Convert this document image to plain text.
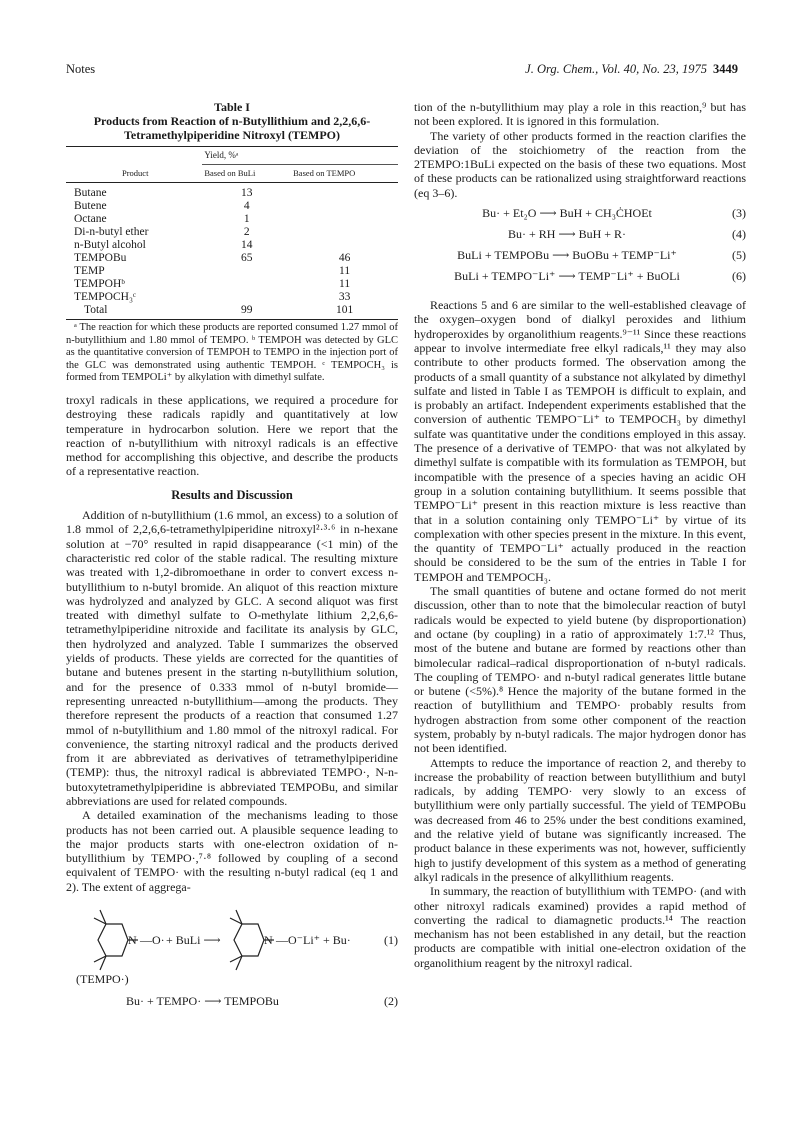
Notes	J. Org. Chem., Vol. 40, No. 23, 1975 3449
Table I
Products from Reaction of n-Butyllithium and 2,2,6,6-Tetramethylpiperidine Nitroxyl (TEMPO)
Product	Yield, %ᵃ	
	Based on BuLi	Based on TEMPO

Butane	13	
Butene	4	
Octane	1	
Di-n-butyl ether	2	
n-Butyl alcohol	14	
TEMPOBu	65	46
TEMP		11
TEMPOHᵇ		11
TEMPOCH₃ᶜ		33
Total	99	101

ᵃ The reaction for which these products are reported consumed 1.27 mmol of n-butyllithium and 1.80 mmol of TEMPO. ᵇ TEMPOH was detected by GLC as the quantitative conversion of TEMPOH to TEMPO in the injection port of the GLC was demonstrated using authentic TEMPOH. ᶜ TEMPOCH₃ is formed from TEMPOLi⁺ by alkylation with dimethyl sulfate.

troxyl radicals in these applications, we required a procedure for destroying these radicals rapidly and quantitatively at low temperature in hydrocarbon solution. Here we report that the reaction of n-butyllithium with nitroxyl radicals is an effective method for accomplishing this objective, and describe the products of a representative reaction.

Results and Discussion

Addition of n-butyllithium (1.6 mmol, an excess) to a solution of 1.8 mmol of 2,2,6,6-tetramethylpiperidine nitroxyl²·³·⁶ in n-hexane solution at −70° resulted in rapid disappearance (<1 min) of the characteristic red color of the stable radical. The resulting mixture was treated with 1,2-dibromoethane in order to convert excess n-butyllithium to n-butyl bromide. An aliquot of this reaction mixture was hydrolyzed and analyzed by GLC. A second aliquot was first treated with dimethyl sulfate to O-methylate lithium 2,2,6,6-tetramethylpiperidine nitroxide and facilitate its analysis by GLC, then hydrolyzed and analyzed. Table I summarizes the observed yields of products. These yields are corrected for the quantities of butane and butenes present in the starting n-butyllithium solution, and for the presence of 0.333 mmol of n-butyl bromide—representing unreacted n-butyllithium—among the products. They therefore represent the products of a reaction that consumed 1.27 mmol of n-butyllithium and 1.80 mmol of the nitroxyl radical. For convenience, the starting nitroxyl radical and the products derived from it are abbreviated as derivatives of tetramethylpiperidine (TEMP): thus, the nitroxyl radical is abbreviated TEMPO·, N-n-butoxytetramethylpiperidine is abbreviated TEMPOBu, and similar abbreviations are used for related compounds.

A detailed examination of the mechanisms leading to those products has not been carried out. A plausible sequence leading to the major products starts with one-electron oxidation of n-butyllithium by TEMPO·,⁷·⁸ followed by coupling of a second equivalent of TEMPO· with the resulting n-butyl radical (eq 1 and 2). The extent of aggrega-

N	N
—O· + BuLi ⟶	—O⁻Li⁺ + Bu·	(1)
(TEMPO·)
Bu· + TEMPO· ⟶ TEMPOBu	(2)

tion of the n-butyllithium may play a role in this reaction,⁹ but has not been explored. It is ignored in this formulation.

The variety of other products formed in the reaction clarifies the deviation of the stoichiometry of the reaction from the 2TEMPO:1BuLi expected on the basis of these two equations. Most of these products can be rationalized using straightforward reactions (eq 3–6).

Bu· + Et₂O ⟶ BuH + CH₃ĊHOEt	(3)
Bu· + RH ⟶ BuH + R·	(4)
BuLi + TEMPOBu ⟶ BuOBu + TEMP⁻Li⁺	(5)
BuLi + TEMPO⁻Li⁺ ⟶ TEMP⁻Li⁺ + BuOLi	(6)

Reactions 5 and 6 are similar to the well-established cleavage of the oxygen–oxygen bond of dialkyl peroxides and lithium hydroperoxides by organolithium reagents.⁹⁻¹¹ Since these reactions appear to involve intermediate free elkyl radicals,¹¹ they may also contribute to other products formed. The observation among the products of a small quantity of a substance not alkylated by dimethyl sulfate and listed in Table I as TEMPOH is difficult to explain, and is probably an artifact. Independent experiments established that the conversion of authentic TEMPO⁻Li⁺ to TEMPOCH₃ by dimethyl sulfate was quantitative under the conditions employed in this assay. The presence of a derivative of TEMPO· that was not alkylated by dimethyl sulfate is compatible with its formulation as TEMPOH, but incompatible with the presence of a species having an acidic OH group in a solution containing butyllithium. It seems possible that TEMPO⁻Li⁺ present in this reaction mixture is less reactive than that in a solution containing only TEMPO⁻Li⁺ by virtue of its complexation with other species present in the mixture. In this event, the quantity of TEMPO⁻Li⁺ actually produced in the reaction should be considered to be the sum of the entries in Table I for TEMPOH and TEMPOCH₃.

The small quantities of butene and octane formed do not merit discussion, other than to note that the bimolecular reaction of butyl radicals would be expected to yield butene (by disproportionation) and octane (by coupling) in a ratio of approximately 1:7.¹² Thus, most of the butene and butane are formed by reactions other than bimolecular radical–radical disproportionation of n-butyl radicals. The coupling of TEMPO· and n-butyl radical generates little butane or butene (<5%).⁸ Hence the majority of the butane formed in the reaction of butyllithium and TEMPO· probably results from hydrogen abstraction from some other component of the reaction system, probably by n-butyl radicals. The major hydrogen donor has not been identified.

Attempts to reduce the importance of reaction 2, and thereby to increase the probability of reaction between butyllithium and butyl radicals, by adding TEMPO· very slowly to an excess of butyllithium were only partially successful. The yield of TEMPOBu was decreased from 46 to 25% under the best conditions examined, and the relative yield of butane was significantly increased. The product balance in these experiments was not, however, sufficiently high to justify development of this system as a method of generating alkyl radicals in the presence of alkyllithium reagents.

In summary, the reaction of butyllithium with TEMPO· (and with other nitroxyl radicals examined) provides a rapid method of converting the radical to diamagnetic products.¹⁴ The reaction mechanism has not been established in any detail, but the reaction products are compatible with initial one-electron oxidation of the organolithium reagent by the nitroxyl radical.
